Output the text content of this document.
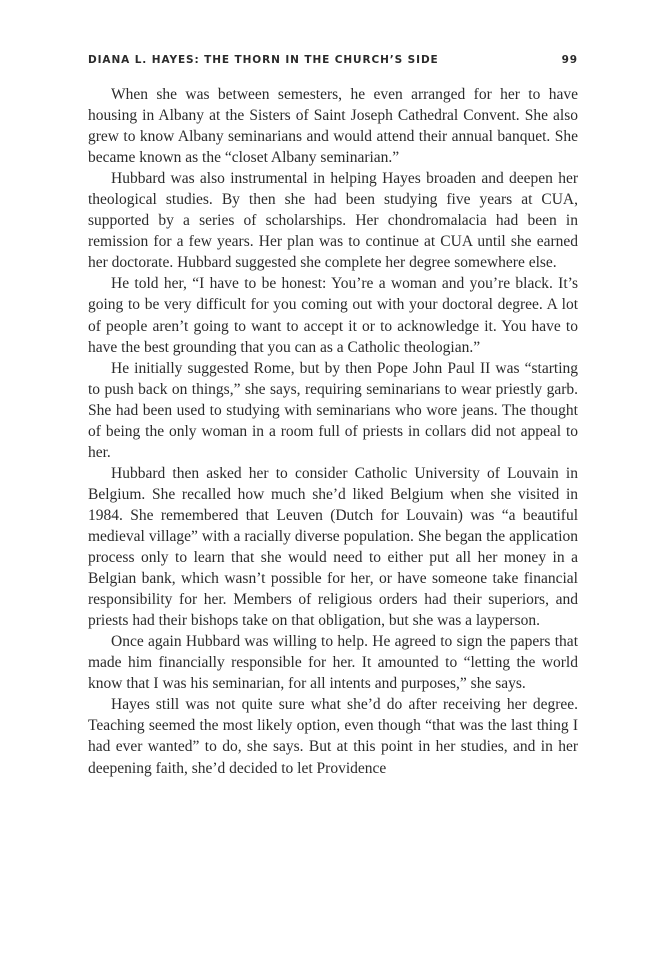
DIANA L. HAYES: THE THORN IN THE CHURCH’S SIDE	99

When she was between semesters, he even arranged for her to have housing in Albany at the Sisters of Saint Joseph Cathedral Convent. She also grew to know Albany seminarians and would attend their annual banquet. She became known as the “closet Albany seminarian.”

Hubbard was also instrumental in helping Hayes broaden and deepen her theological studies. By then she had been studying five years at CUA, supported by a series of scholarships. Her chondromalacia had been in remission for a few years. Her plan was to continue at CUA until she earned her doctorate. Hubbard suggested she complete her degree somewhere else.

He told her, “I have to be honest: You’re a woman and you’re black. It’s going to be very difficult for you coming out with your doctoral degree. A lot of people aren’t going to want to accept it or to acknowledge it. You have to have the best grounding that you can as a Catholic theologian.”

He initially suggested Rome, but by then Pope John Paul II was “starting to push back on things,” she says, requiring seminarians to wear priestly garb. She had been used to studying with seminarians who wore jeans. The thought of being the only woman in a room full of priests in collars did not appeal to her.

Hubbard then asked her to consider Catholic University of Louvain in Belgium. She recalled how much she’d liked Belgium when she visited in 1984. She remembered that Leuven (Dutch for Louvain) was “a beautiful medieval village” with a racially diverse population. She began the application process only to learn that she would need to either put all her money in a Belgian bank, which wasn’t possible for her, or have someone take financial responsibility for her. Members of religious orders had their superiors, and priests had their bishops take on that obligation, but she was a layperson.

Once again Hubbard was willing to help. He agreed to sign the papers that made him financially responsible for her. It amounted to “letting the world know that I was his seminarian, for all intents and purposes,” she says.

Hayes still was not quite sure what she’d do after receiving her degree. Teaching seemed the most likely option, even though “that was the last thing I had ever wanted” to do, she says. But at this point in her studies, and in her deepening faith, she’d decided to let Providence
